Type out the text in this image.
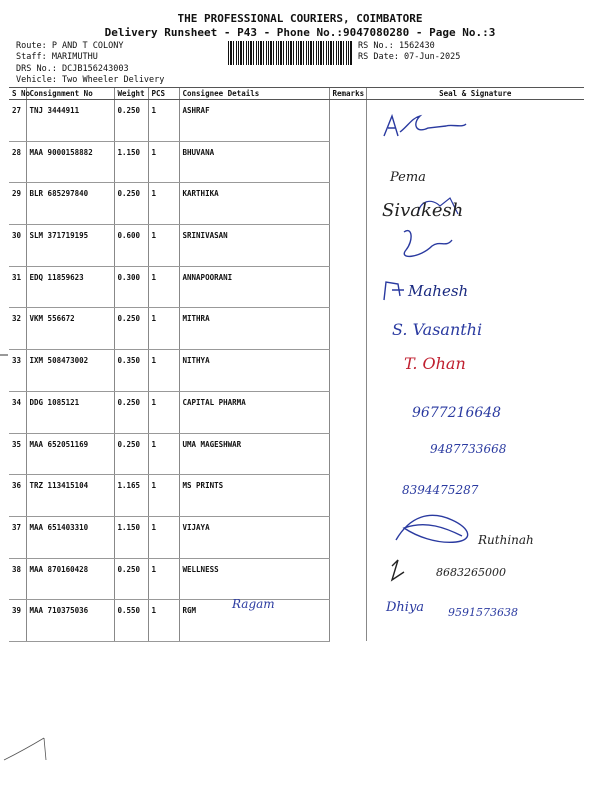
THE PROFESSIONAL COURIERS, COIMBATORE
Delivery Runsheet - P43 - Phone No.:9047080280 - Page No.:3
Route: P AND T COLONY
Staff: MARIMUTHU
DRS No.: DCJB156243003
Vehicle: Two Wheeler Delivery
RS No.: 1562430
RS Date: 07-Jun-2025
S No	Consignment No	Weight	PCS	Consignee Details	Remarks	Seal & Signature
27	TNJ 3444911	0.250	1	ASHRAF		
28	MAA 9000158882	1.150	1	BHUVANA		
29	BLR 685297840	0.250	1	KARTHIKA		
30	SLM 371719195	0.600	1	SRINIVASAN		
31	EDQ 11859623	0.300	1	ANNAPOORANI		
32	VKM 556672	0.250	1	MITHRA		
33	IXM 508473002	0.350	1	NITHYA		
34	DDG 1085121	0.250	1	CAPITAL PHARMA		
35	MAA 652051169	0.250	1	UMA MAGESHWAR		
36	TRZ 113415104	1.165	1	MS PRINTS		
37	MAA 651403310	1.150	1	VIJAYA		
38	MAA 870160428	0.250	1	WELLNESS		
39	MAA 710375036	0.550	1	RGM		
Pema
Sivakesh
Mahesh
S. Vasanthi
T. Ohan
9677216648
9487733668
8394475287
Ruthinah
8683265000
Ragam	Dhiya 9591573638
